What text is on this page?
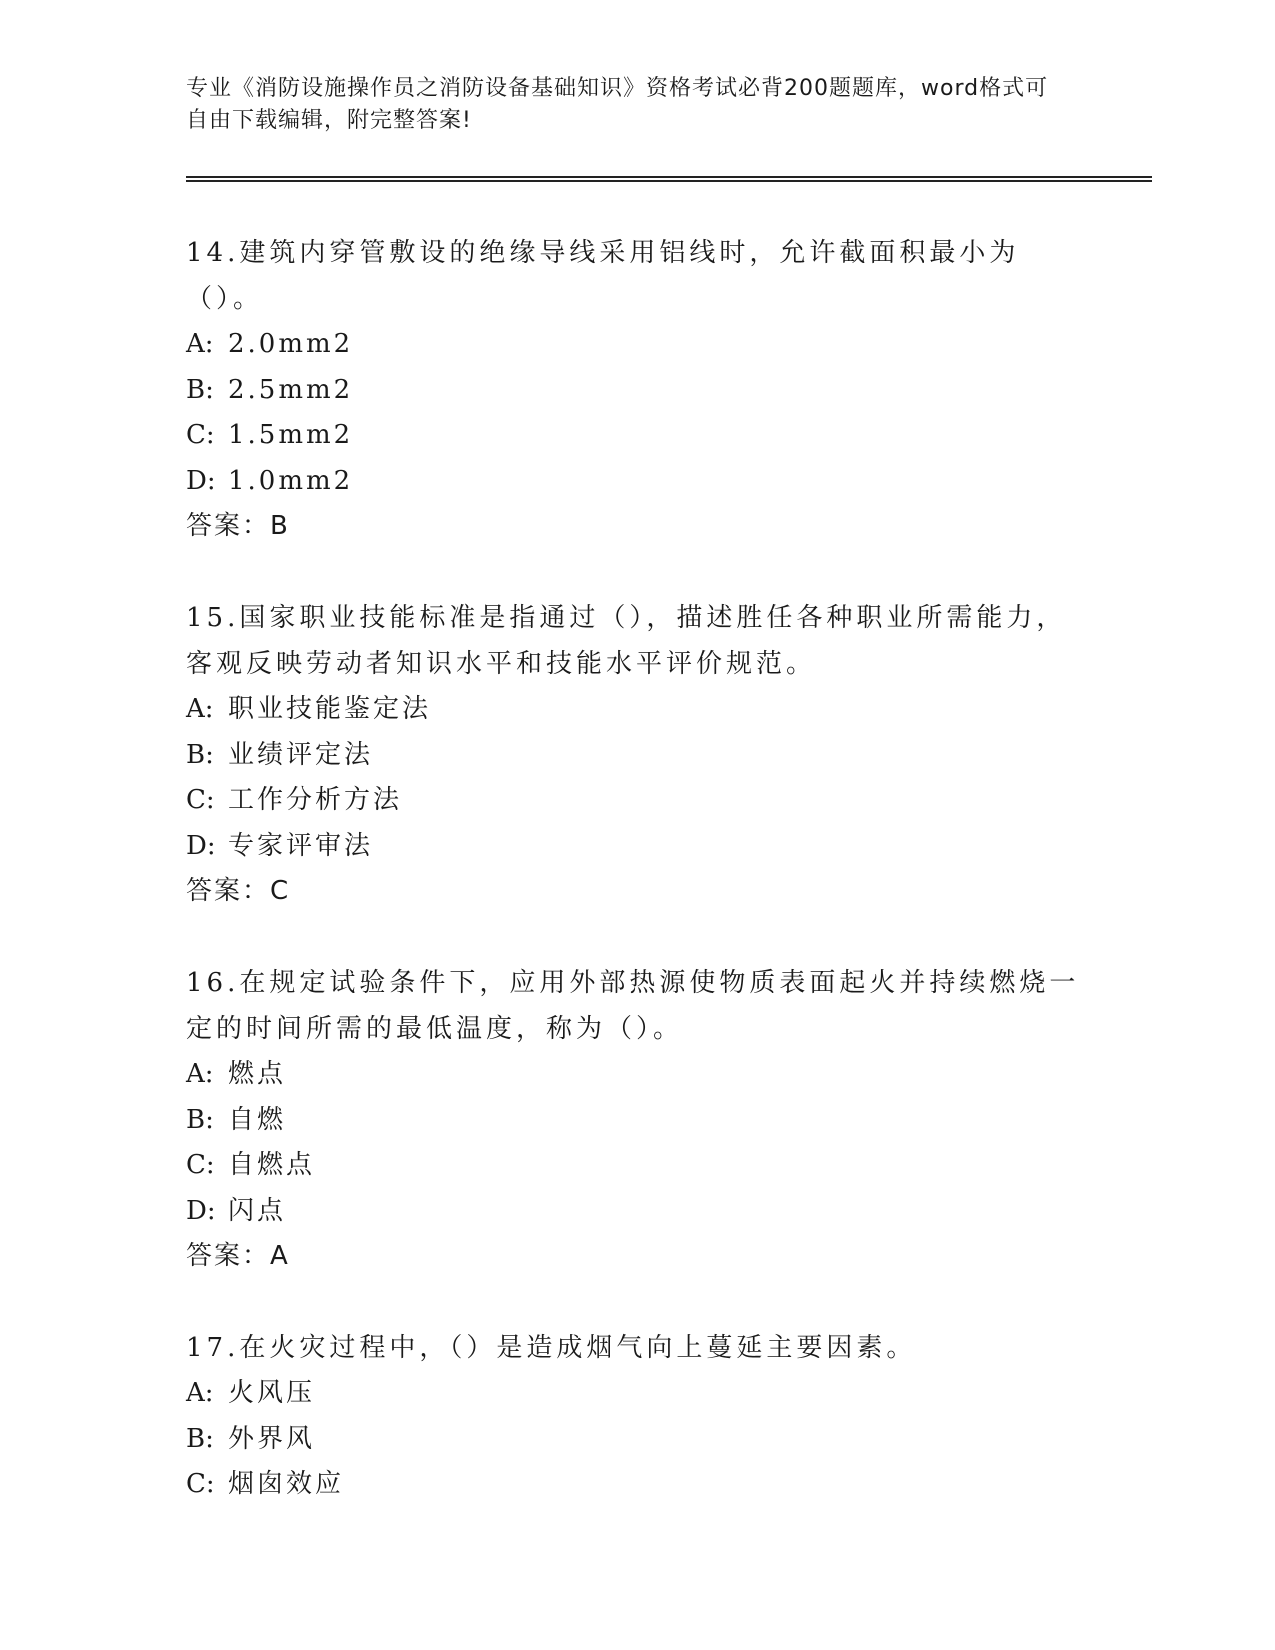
专业《消防设施操作员之消防设备基础知识》资格考试必背200题题库，word格式可自由下载编辑，附完整答案!

14.建筑内穿管敷设的绝缘导线采用铝线时，允许截面积最小为（）。

A: 2.0mm2

B: 2.5mm2

C: 1.5mm2

D: 1.0mm2

答案：B

15.国家职业技能标准是指通过（），描述胜任各种职业所需能力，客观反映劳动者知识水平和技能水平评价规范。

A: 职业技能鉴定法

B: 业绩评定法

C: 工作分析方法

D: 专家评审法

答案：C

16.在规定试验条件下，应用外部热源使物质表面起火并持续燃烧一定的时间所需的最低温度，称为（）。

A: 燃点

B: 自燃

C: 自燃点

D: 闪点

答案：A

17.在火灾过程中，（）是造成烟气向上蔓延主要因素。

A: 火风压

B: 外界风

C: 烟囱效应
